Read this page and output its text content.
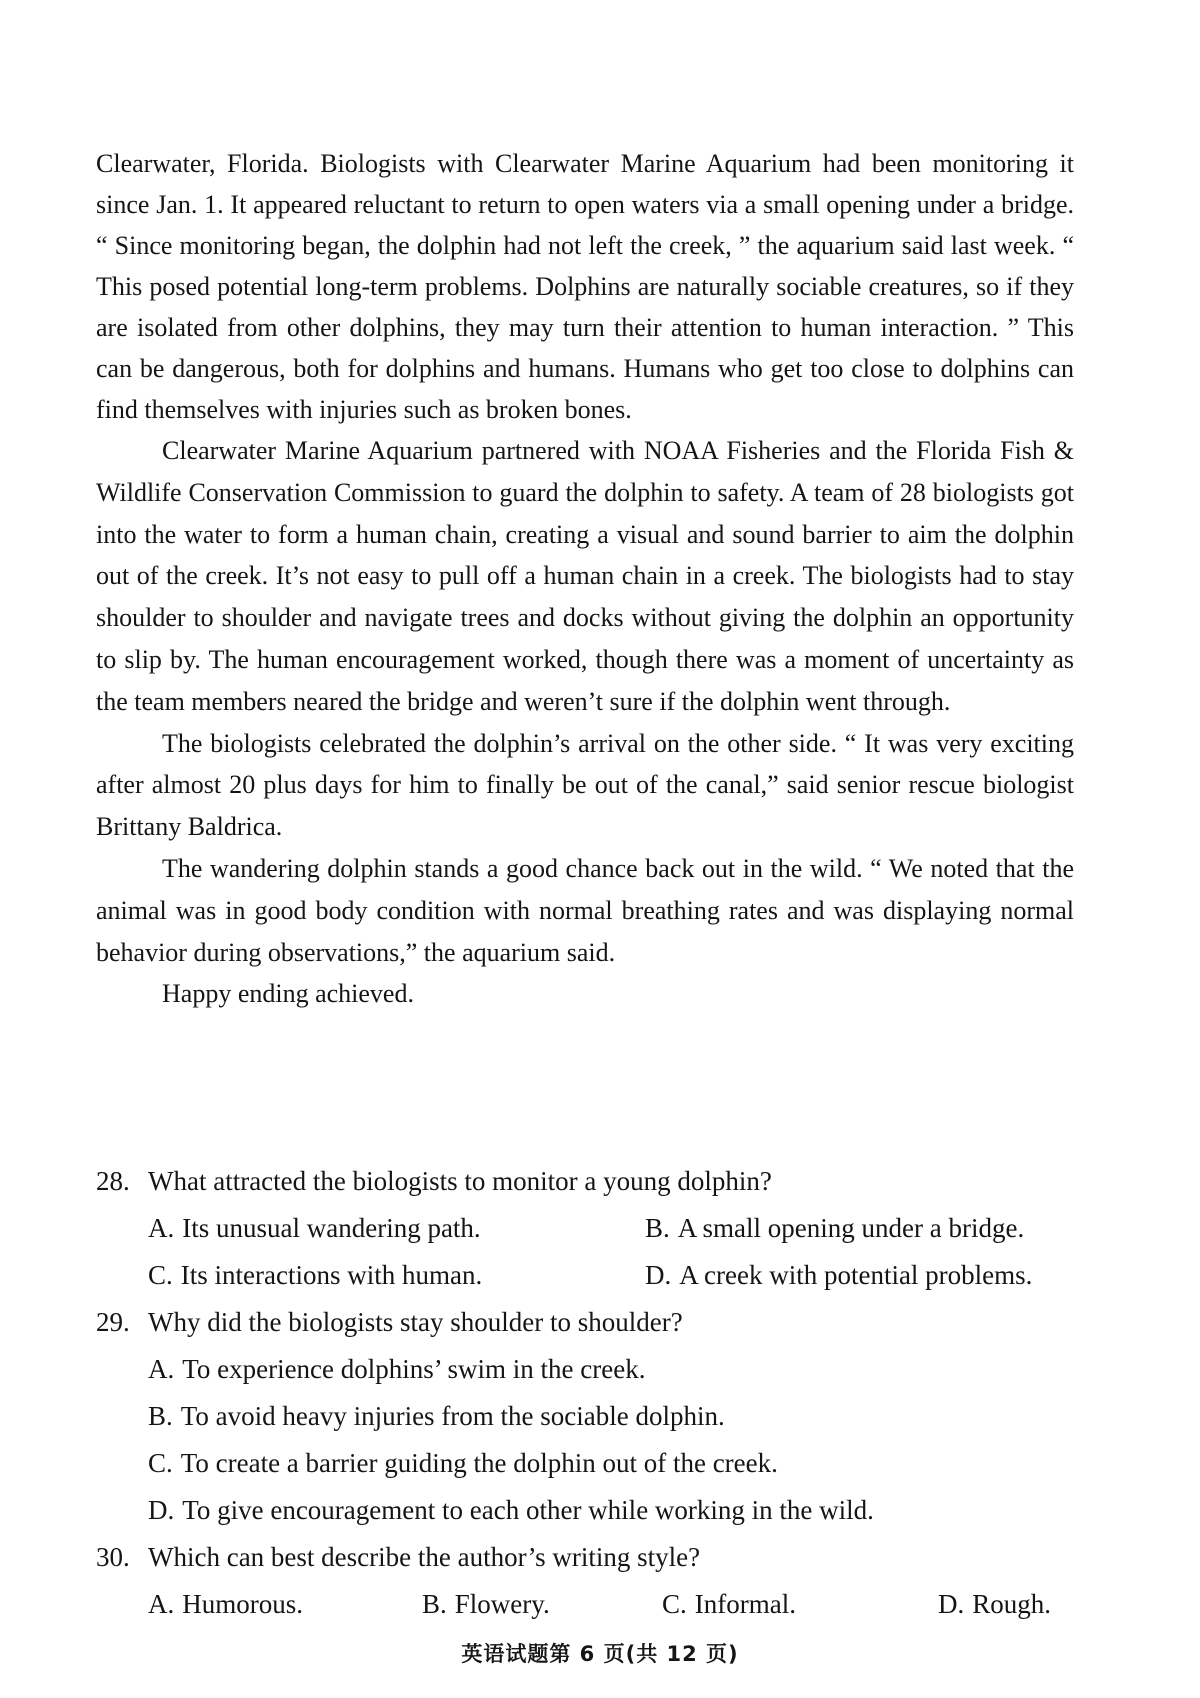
Clearwater, Florida. Biologists with Clearwater Marine Aquarium had been monitoring it since Jan. 1. It appeared reluctant to return to open waters via a small opening under a bridge. “ Since monitoring began, the dolphin had not left the creek, ” the aquarium said last week. “ This posed potential long-term problems. Dolphins are naturally sociable creatures, so if they are isolated from other dolphins, they may turn their attention to human interaction. ” This can be dangerous, both for dolphins and humans. Humans who get too close to dolphins can find themselves with injuries such as broken bones.

Clearwater Marine Aquarium partnered with NOAA Fisheries and the Florida Fish & Wildlife Conservation Commission to guard the dolphin to safety. A team of 28 biologists got into the water to form a human chain, creating a visual and sound barrier to aim the dolphin out of the creek. It’s not easy to pull off a human chain in a creek. The biologists had to stay shoulder to shoulder and navigate trees and docks without giving the dolphin an opportunity to slip by. The human encouragement worked, though there was a moment of uncertainty as the team members neared the bridge and weren’t sure if the dolphin went through.

The biologists celebrated the dolphin’s arrival on the other side. “ It was very exciting after almost 20 plus days for him to finally be out of the canal,” said senior rescue biologist Brittany Baldrica.

The wandering dolphin stands a good chance back out in the wild. “ We noted that the animal was in good body condition with normal breathing rates and was displaying normal behavior during observations,” the aquarium said.

Happy ending achieved.

28. What attracted the biologists to monitor a young dolphin?
A. Its unusual wandering path.	B. A small opening under a bridge.
C. Its interactions with human.	D. A creek with potential problems.
29. Why did the biologists stay shoulder to shoulder?
A. To experience dolphins’ swim in the creek.
B. To avoid heavy injuries from the sociable dolphin.
C. To create a barrier guiding the dolphin out of the creek.
D. To give encouragement to each other while working in the wild.
30. Which can best describe the author’s writing style?
A. Humorous.	B. Flowery.	C. Informal.	D. Rough.
英语试题第 6 页(共 12 页)
